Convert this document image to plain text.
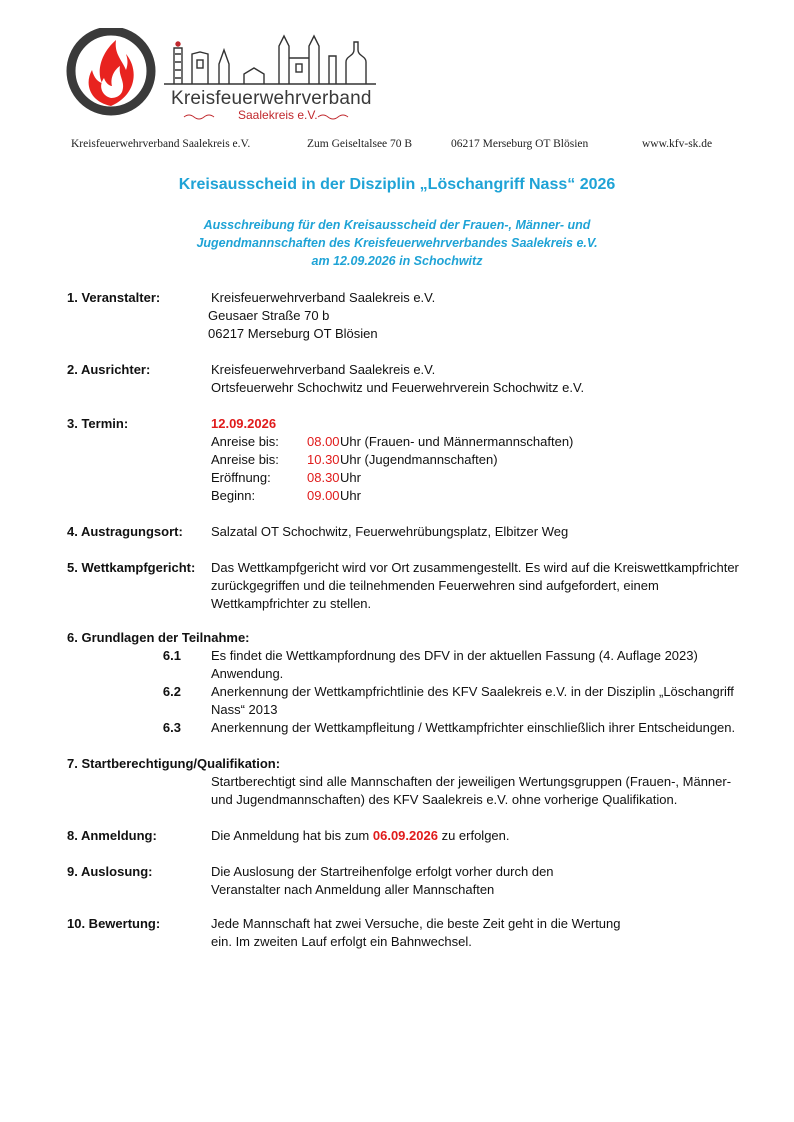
Kreisfeuerwehrverband
Saalekreis e.V.
Kreisfeuerwehrverband Saalekreis e.V.	Zum Geiseltalsee 70 B	06217 Merseburg OT Blösien	www.kfv-sk.de
Kreisausscheid in der Disziplin „Löschangriff Nass“ 2026
Ausschreibung für den Kreisausscheid der Frauen-, Männer- und
Jugendmannschaften des Kreisfeuerwehrverbandes Saalekreis e.V.
am 12.09.2026 in Schochwitz
1. Veranstalter:	Kreisfeuerwehrverband Saalekreis e.V.
Geusaer Straße 70 b
06217 Merseburg OT Blösien
2. Ausrichter:	Kreisfeuerwehrverband Saalekreis e.V.
Ortsfeuerwehr Schochwitz und Feuerwehrverein Schochwitz e.V.
3. Termin:	12.09.2026
Anreise bis: 08.00 Uhr (Frauen- und Männermannschaften)
Anreise bis: 10.30 Uhr (Jugendmannschaften)
Eröffnung:	08.30 Uhr
Beginn:	09.00 Uhr
4. Austragungsort: Salzatal OT Schochwitz, Feuerwehrübungsplatz, Elbitzer Weg
5. Wettkampfgericht: Das Wettkampfgericht wird vor Ort zusammengestellt. Es wird auf die Kreiswettkampfrichter
zurückgegriffen und die teilnehmenden Feuerwehren sind aufgefordert, einem
Wettkampfrichter zu stellen.
6. Grundlagen der Teilnahme:
6.1 Es findet die Wettkampfordnung des DFV in der aktuellen Fassung (4. Auflage 2023)
Anwendung.
6.2 Anerkennung der Wettkampfrichtlinie des KFV Saalekreis e.V. in der Disziplin „Löschangriff
Nass“ 2013
6.3 Anerkennung der Wettkampfleitung / Wettkampfrichter einschließlich ihrer Entscheidungen.
7. Startberechtigung/Qualifikation:
Startberechtigt sind alle Mannschaften der jeweiligen Wertungsgruppen (Frauen-, Männer-
und Jugendmannschaften) des KFV Saalekreis e.V. ohne vorherige Qualifikation.
8. Anmeldung:	Die Anmeldung hat bis zum 06.09.2026 zu erfolgen.
9. Auslosung:	Die Auslosung der Startreihenfolge erfolgt vorher durch den
Veranstalter nach Anmeldung aller Mannschaften
10. Bewertung:	Jede Mannschaft hat zwei Versuche, die beste Zeit geht in die Wertung
ein. Im zweiten Lauf erfolgt ein Bahnwechsel.
